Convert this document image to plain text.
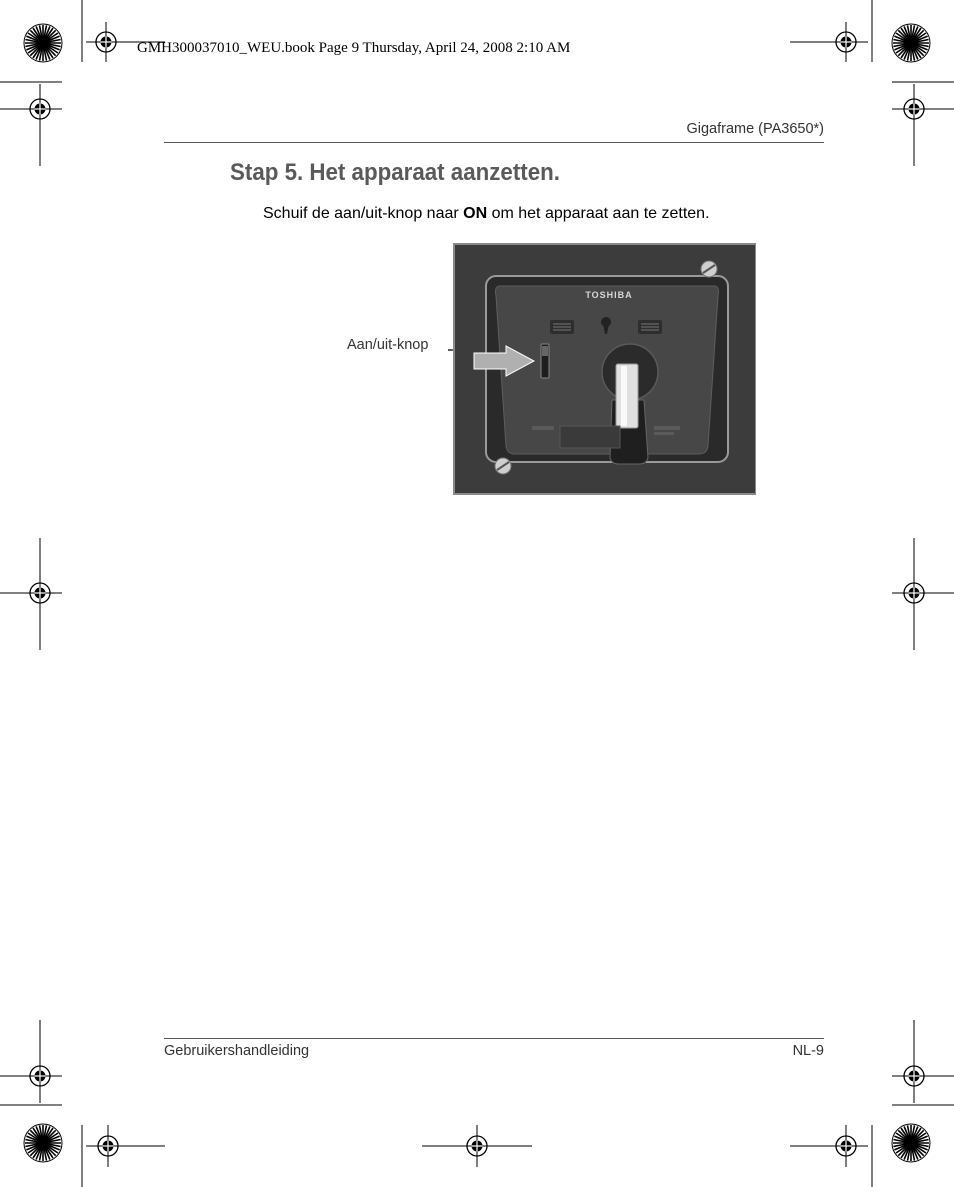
GMH300037010_WEU.book Page 9 Thursday, April 24, 2008 2:10 AM
Gigaframe (PA3650*)
Stap 5. Het apparaat aanzetten.
Schuif de aan/uit-knop naar ON om het apparaat aan te zetten.
Aan/uit-knop
TOSHIBA
Gebruikershandleiding	NL-9
